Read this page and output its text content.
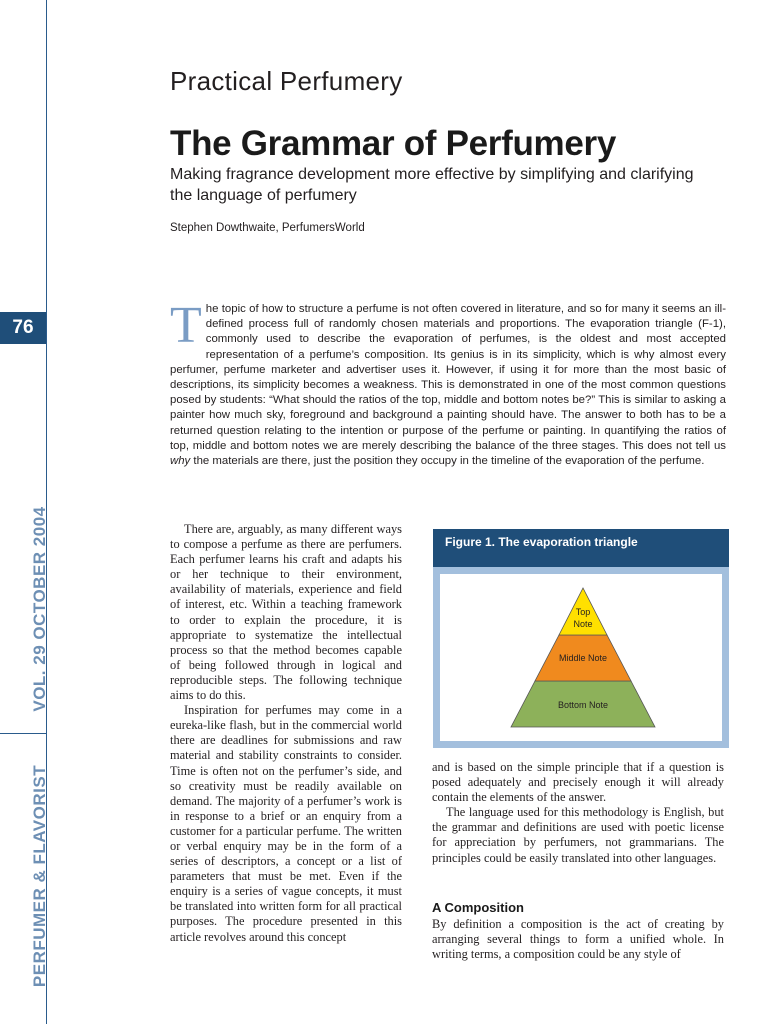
76
VOL. 29 OCTOBER 2004
PERFUMER & FLAVORIST
Practical Perfumery
The Grammar of Perfumery
Making fragrance development more effective by simplifying and clarifying the language of perfumery
Stephen Dowthwaite, PerfumersWorld
The topic of how to structure a perfume is not often covered in literature, and so for many it seems an ill-defined process full of randomly chosen materials and proportions. The evaporation triangle (F-1), commonly used to describe the evaporation of perfumes, is the oldest and most accepted representation of a perfume’s composition. Its genius is in its simplicity, which is why almost every perfumer, perfume marketer and advertiser uses it. However, if using it for more than the most basic of descriptions, its simplicity becomes a weakness. This is demonstrated in one of the most common questions posed by students: “What should the ratios of the top, middle and bottom notes be?” This is similar to asking a painter how much sky, foreground and background a painting should have. The answer to both has to be a returned question relating to the intention or purpose of the perfume or painting. In quantifying the ratios of top, middle and bottom notes we are merely describing the balance of the three stages. This does not tell us why the materials are there, just the position they occupy in the timeline of the evaporation of the perfume.

There are, arguably, as many different ways to compose a perfume as there are perfumers. Each perfumer learns his craft and adapts his or her technique to their environment, availability of materials, experience and field of interest, etc. Within a teaching framework to order to explain the procedure, it is appropriate to systematize the intellectual process so that the method becomes capable of being followed through in logical and reproducible steps. The following technique aims to do this.

Inspiration for perfumes may come in a eureka-like flash, but in the commercial world there are deadlines for submissions and raw material and stability constraints to consider. Time is often not on the perfumer’s side, and so creativity must be readily available on demand. The majority of a perfumer’s work is in response to a brief or an enquiry from a customer for a particular perfume. The written or verbal enquiry may be in the form of a series of descriptors, a concept or a list of parameters that must be met. Even if the enquiry is a series of vague concepts, it must be translated into written form for all practical purposes. The procedure presented in this article revolves around this concept

Figure 1. The evaporation triangle
Top
Note
Middle Note
Bottom Note

and is based on the simple principle that if a question is posed adequately and precisely enough it will already contain the elements of the answer.

The language used for this methodology is English, but the grammar and definitions are used with poetic license for appreciation by perfumers, not grammarians. The principles could be easily translated into other languages.

A Composition

By definition a composition is the act of creating by arranging several things to form a unified whole. In writing terms, a composition could be any style of
